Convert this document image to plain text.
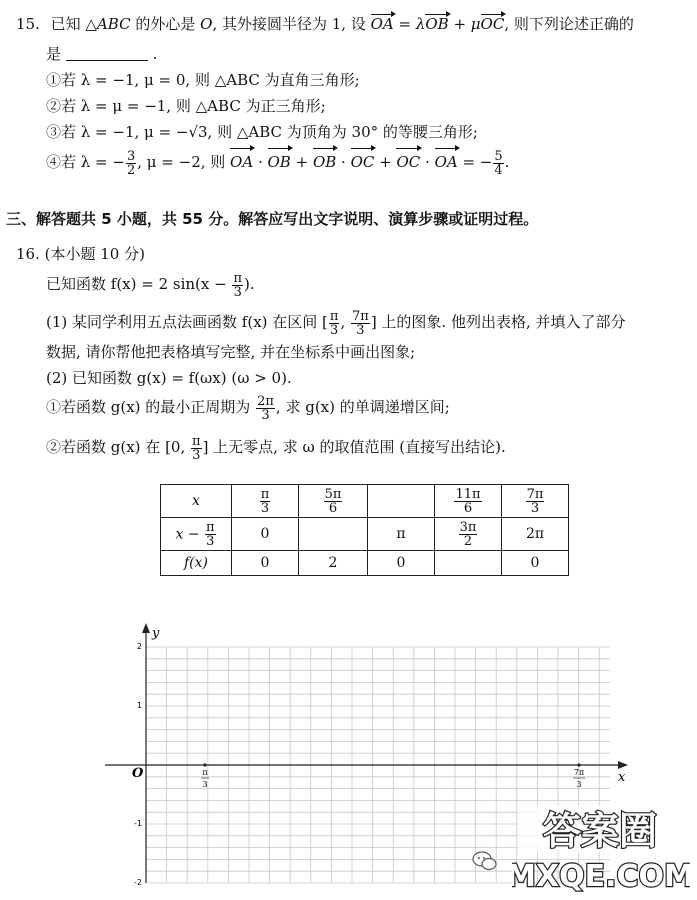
15. 已知 △ABC 的外心是 O, 其外接圆半径为 1, 设 OA = λOB + μOC, 则下列论述正确的
是	.
①若 λ = −1, μ = 0, 则 △ABC 为直角三角形;
②若 λ = μ = −1, 则 △ABC 为正三角形;
③若 λ = −1, μ = −√3, 则 △ABC 为顶角为 30° 的等腰三角形;
④若 λ = − $\frac{3}{2}$ , μ = −2, 则 OA · OB + OB · OC + OC · OA = − $\frac{5}{4}$ .
三、解答题共 5 小题，共 55 分。解答应写出文字说明、演算步骤或证明过程。
16. (本小题 10 分)
已知函数 f(x) = 2 $\sin(x - \frac{\pi}{3}$ ).
(1) 某同学利用五点法画函数 f(x) 在区间 [ $\frac{\pi}{3}$ , $\frac{7\pi}{3}$ ] 上的图象. 他列出表格, 并填入了部分
数据, 请你帮他把表格填写完整, 并在坐标系中画出图象;
(2) 已知函数 g(x) = f(ωx) (ω > 0).
①若函数 g(x) 的最小正周期为 $\frac{2\pi}{3}$ , 求 g(x) 的单调递增区间;
②若函数 g(x) 在 [0, $\frac{\pi}{3}$ ] 上无零点, 求 ω 的取值范围 (直接写出结论).
x	$\frac{\pi}{3}$	$\frac{5\pi}{6}$		$\frac{11\pi}{6}$	$\frac{7\pi}{3}$

$x - \frac{\pi}{3}$	0		π	$\frac{3\pi}{2}$	2π
f(x)	0	2	0		0
y
x
O
2
1
-1
-2
π
3
7π
3
答案圈
MXQE.COM
